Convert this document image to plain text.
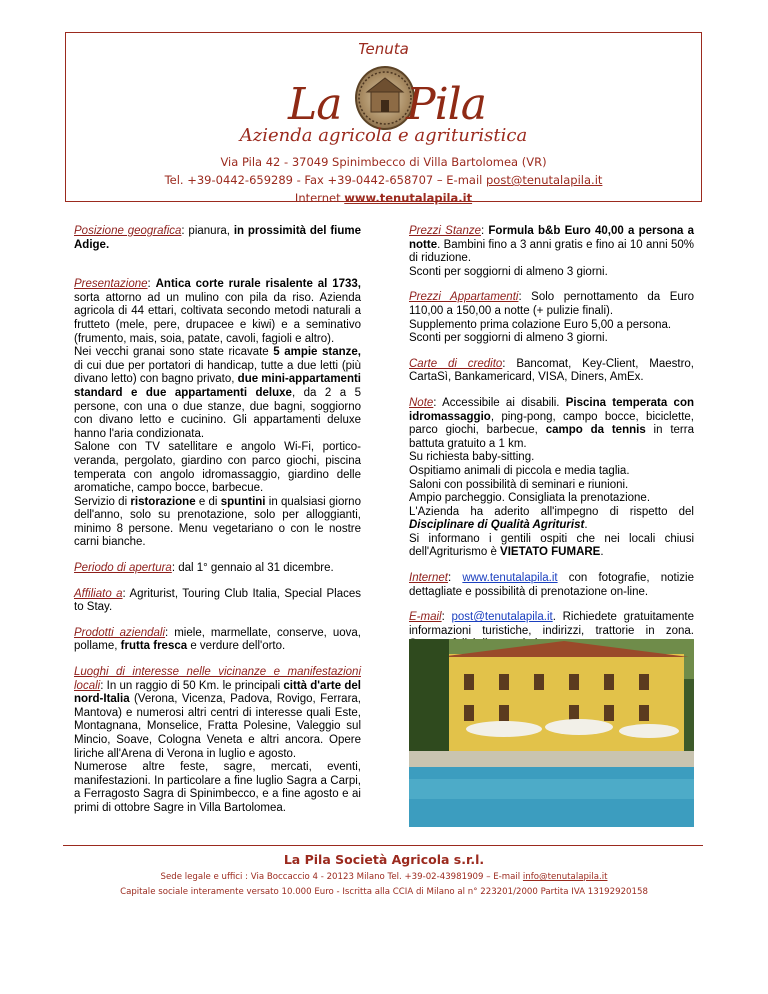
Tenuta
La Pila
Azienda agricola e agrituristica
Via Pila 42 - 37049 Spinimbecco di Villa Bartolomea (VR)
Tel. +39-0442-659289 - Fax +39-0442-658707 – E-mail post@tenutalapila.it
Internet www.tenutalapila.it

Posizione geografica: pianura, in prossimità del fiume Adige.

Presentazione: Antica corte rurale risalente al 1733, sorta attorno ad un mulino con pila da riso. Azienda agricola di 44 ettari, coltivata secondo metodi naturali a frutteto (mele, pere, drupacee e kiwi) e a seminativo (frumento, mais, soia, patate, cavoli, fagioli e altro).

Nei vecchi granai sono state ricavate 5 ampie stanze, di cui due per portatori di handicap, tutte a due letti (più divano letto) con bagno privato, due mini-appartamenti standard e due appartamenti deluxe, da 2 a 5 persone, con una o due stanze, due bagni, soggiorno con divano letto e cucinino. Gli appartamenti deluxe hanno l'aria condizionata.

Salone con TV satellitare e angolo Wi-Fi, portico-veranda, pergolato, giardino con parco giochi, piscina temperata con angolo idromassaggio, giardino delle aromatiche, campo bocce, barbecue.

Servizio di ristorazione e di spuntini in qualsiasi giorno dell'anno, solo su prenotazione, solo per alloggianti, minimo 8 persone. Menu vegetariano o con le nostre carni bianche.

Periodo di apertura: dal 1° gennaio al 31 dicembre.

Affiliato a: Agriturist, Touring Club Italia, Special Places to Stay.

Prodotti aziendali: miele, marmellate, conserve, uova, pollame, frutta fresca e verdure dell'orto.

Luoghi di interesse nelle vicinanze e manifestazioni locali: In un raggio di 50 Km. le principali città d'arte del nord-Italia (Verona, Vicenza, Padova, Rovigo, Ferrara, Mantova) e numerosi altri centri di interesse quali Este, Montagnana, Monselice, Fratta Polesine, Valeggio sul Mincio, Soave, Cologna Veneta e altri ancora. Opere liriche all'Arena di Verona in luglio e agosto.

Numerose altre feste, sagre, mercati, eventi, manifestazioni. In particolare a fine luglio Sagra a Carpi, a Ferragosto Sagra di Spinimbecco, e a fine agosto e ai primi di ottobre Sagre in Villa Bartolomea.

Prezzi Stanze: Formula b&b Euro 40,00 a persona a notte. Bambini fino a 3 anni gratis e fino ai 10 anni 50% di riduzione.
Sconti per soggiorni di almeno 3 giorni.

Prezzi Appartamenti: Solo pernottamento da Euro 110,00 a 150,00 a notte (+ pulizie finali).
Supplemento prima colazione Euro 5,00 a persona.
Sconti per soggiorni di almeno 3 giorni.

Carte di credito: Bancomat, Key-Client, Maestro, CartaSì, Bankamericard, VISA, Diners, AmEx.

Note: Accessibile ai disabili. Piscina temperata con idromassaggio, ping-pong, campo bocce, biciclette, parco giochi, barbecue, campo da tennis in terra battuta gratuito a 1 km.
Su richiesta baby-sitting.
Ospitiamo animali di piccola e media taglia.
Saloni con possibilità di seminari e riunioni.
Ampio parcheggio. Consigliata la prenotazione.
L'Azienda ha aderito all'impegno di rispetto del Disciplinare di Qualità Agriturist.
Si informano i gentili ospiti che nei locali chiusi dell'Agriturismo è VIETATO FUMARE.

Internet: www.tenutalapila.it con fotografie, notizie dettagliate e possibilità di prenotazione on-line.

E-mail: post@tenutalapila.it. Richiedete gratuitamente informazioni turistiche, indirizzi, trattorie in zona.

La Pila Società Agricola s.r.l.
Sede legale e uffici : Via Boccaccio 4 - 20123 Milano Tel. +39-02-43981909 – E-mail info@tenutalapila.it
Capitale sociale interamente versato 10.000 Euro - Iscritta alla CCIA di Milano al n° 223201/2000 Partita IVA 13192920158
